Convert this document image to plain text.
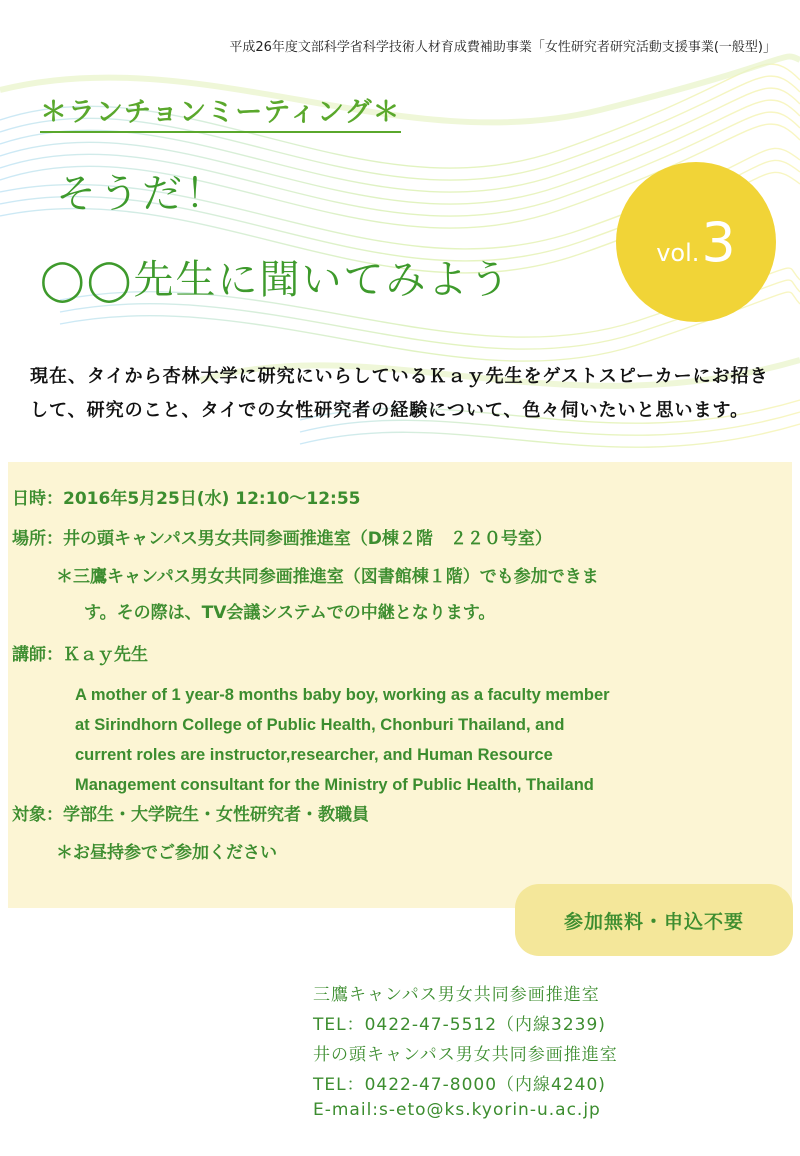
平成26年度文部科学省科学技術人材育成費補助事業「女性研究者研究活動支援事業(一般型)」
＊ランチョンミーティング＊
そうだ！
◯◯先生に聞いてみよう
vol. 3
現在、タイから杏林大学に研究にいらしているＫａｙ先生をゲストスピーカーにお招きして、研究のこと、タイでの女性研究者の経験について、色々伺いたいと思います。
日時：2016年5月25日(水) 12:10～12:55
場所：井の頭キャンパス男女共同参画推進室（D棟２階　２２０号室）
＊三鷹キャンパス男女共同参画推進室（図書館棟１階）でも参加できま
す。その際は、TV会議システムでの中継となります。
講師：Ｋａｙ先生
A mother of 1 year-8 months baby boy, working as a faculty member
at Sirindhorn College of Public Health, Chonburi Thailand, and
current roles are instructor,researcher, and Human Resource
Management consultant for the Ministry of Public Health, Thailand
対象：学部生・大学院生・女性研究者・教職員
＊お昼持参でご参加ください
参加無料・申込不要
三鷹キャンパス男女共同参画推進室
TEL：0422-47-5512（内線3239)
井の頭キャンパス男女共同参画推進室
TEL：0422-47-8000（内線4240)
E-mail:s-eto@ks.kyorin-u.ac.jp
